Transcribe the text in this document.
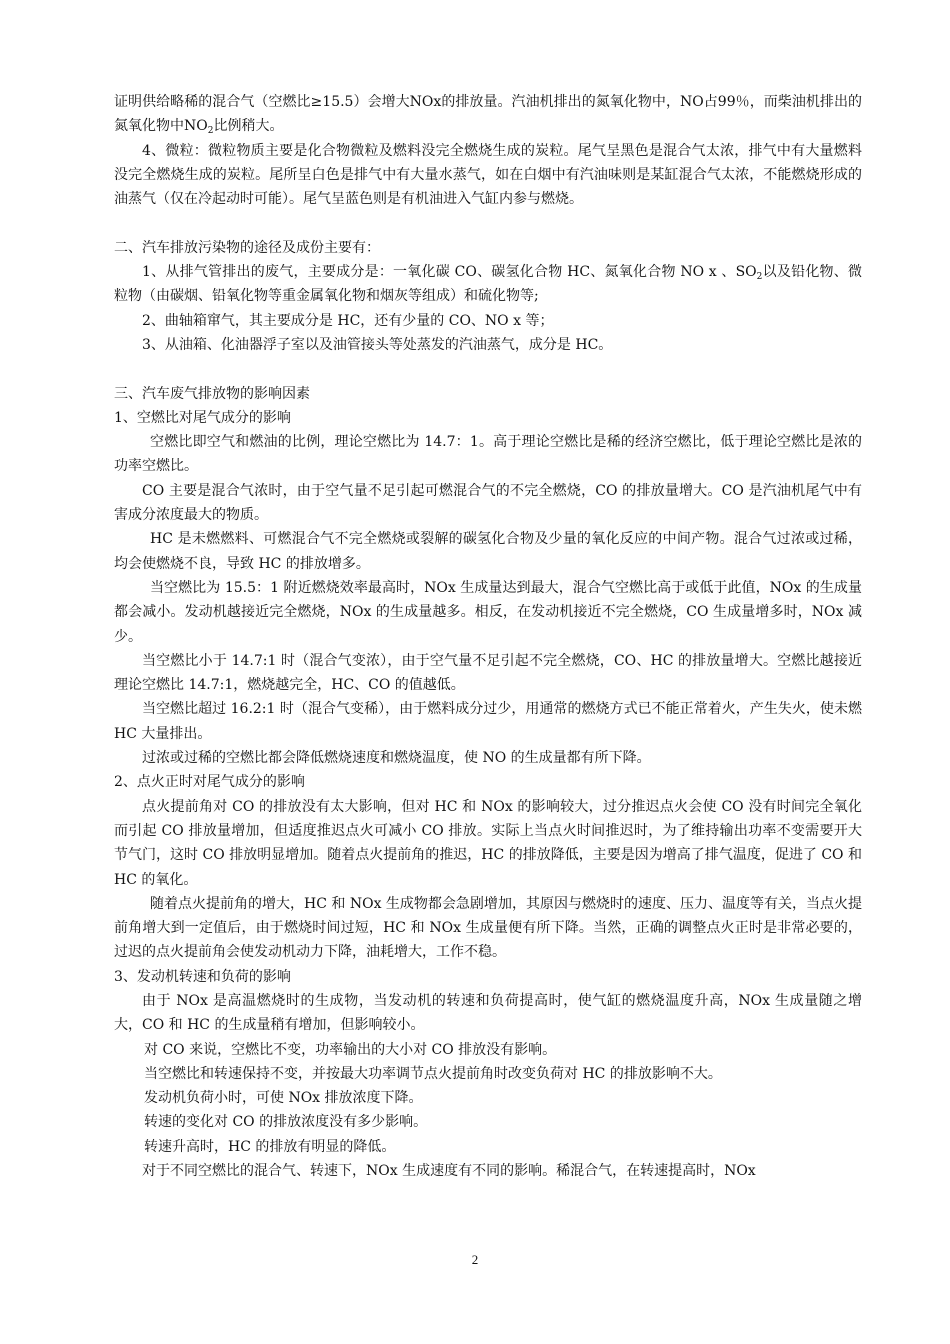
证明供给略稀的混合气（空燃比≥15.5）会增大NOx的排放量。汽油机排出的氮氧化物中，NO占99％，而柴油机排出的氮氧化物中$NO_2$比例稍大。

4、微粒：微粒物质主要是化合物微粒及燃料没完全燃烧生成的炭粒。尾气呈黑色是混合气太浓，排气中有大量燃料没完全燃烧生成的炭粒。尾所呈白色是排气中有大量水蒸气，如在白烟中有汽油味则是某缸混合气太浓，不能燃烧形成的油蒸气（仅在冷起动时可能）。尾气呈蓝色则是有机油进入气缸内参与燃烧。

二、汽车排放污染物的途径及成份主要有：

1、从排气管排出的废气，主要成分是：一氧化碳 CO、碳氢化合物 HC、氮氧化合物 NO x 、$SO_2$以及铅化物、微粒物（由碳烟、铅氧化物等重金属氧化物和烟灰等组成）和硫化物等;

2、曲轴箱窜气，其主要成分是 HC，还有少量的 CO、NO x 等；

3、从油箱、化油器浮子室以及油管接头等处蒸发的汽油蒸气，成分是 HC。

三、汽车废气排放物的影响因素

1、空燃比对尾气成分的影响

空燃比即空气和燃油的比例，理论空燃比为 14.7：1。高于理论空燃比是稀的经济空燃比，低于理论空燃比是浓的功率空燃比。

CO 主要是混合气浓时，由于空气量不足引起可燃混合气的不完全燃烧，CO 的排放量增大。CO 是汽油机尾气中有害成分浓度最大的物质。

HC 是未燃燃料、可燃混合气不完全燃烧或裂解的碳氢化合物及少量的氧化反应的中间产物。混合气过浓或过稀，均会使燃烧不良，导致 HC 的排放增多。

当空燃比为 15.5：1 附近燃烧效率最高时，NOx 生成量达到最大，混合气空燃比高于或低于此值，NOx 的生成量都会减小。发动机越接近完全燃烧，NOx 的生成量越多。相反，在发动机接近不完全燃烧，CO 生成量增多时，NOx 减少。

当空燃比小于 14.7:1 时（混合气变浓），由于空气量不足引起不完全燃烧，CO、HC 的排放量增大。空燃比越接近理论空燃比 14.7:1，燃烧越完全，HC、CO 的值越低。

当空燃比超过 16.2:1 时（混合气变稀），由于燃料成分过少，用通常的燃烧方式已不能正常着火，产生失火，使未燃 HC 大量排出。

过浓或过稀的空燃比都会降低燃烧速度和燃烧温度，使 NO 的生成量都有所下降。

2、点火正时对尾气成分的影响

点火提前角对 CO 的排放没有太大影响，但对 HC 和 NOx 的影响较大，过分推迟点火会使 CO 没有时间完全氧化而引起 CO 排放量增加，但适度推迟点火可减小 CO 排放。实际上当点火时间推迟时，为了维持输出功率不变需要开大节气门，这时 CO 排放明显增加。随着点火提前角的推迟，HC 的排放降低，主要是因为增高了排气温度，促进了 CO 和　HC 的氧化。

随着点火提前角的增大，HC 和 NOx 生成物都会急剧增加，其原因与燃烧时的速度、压力、温度等有关，当点火提前角增大到一定值后，由于燃烧时间过短，HC 和 NOx 生成量便有所下降。当然，正确的调整点火正时是非常必要的，过迟的点火提前角会使发动机动力下降，油耗增大，工作不稳。

3、发动机转速和负荷的影响

由于 NOx 是高温燃烧时的生成物，当发动机的转速和负荷提高时，使气缸的燃烧温度升高，NOx 生成量随之增大，CO 和 HC 的生成量稍有增加，但影响较小。

对 CO 来说，空燃比不变，功率输出的大小对 CO 排放没有影响。

当空燃比和转速保持不变，并按最大功率调节点火提前角时改变负荷对 HC 的排放影响不大。

发动机负荷小时，可使 NOx 排放浓度下降。

转速的变化对 CO 的排放浓度没有多少影响。

转速升高时，HC 的排放有明显的降低。

对于不同空燃比的混合气、转速下，NOx 生成速度有不同的影响。稀混合气，在转速提高时，NOx

2
